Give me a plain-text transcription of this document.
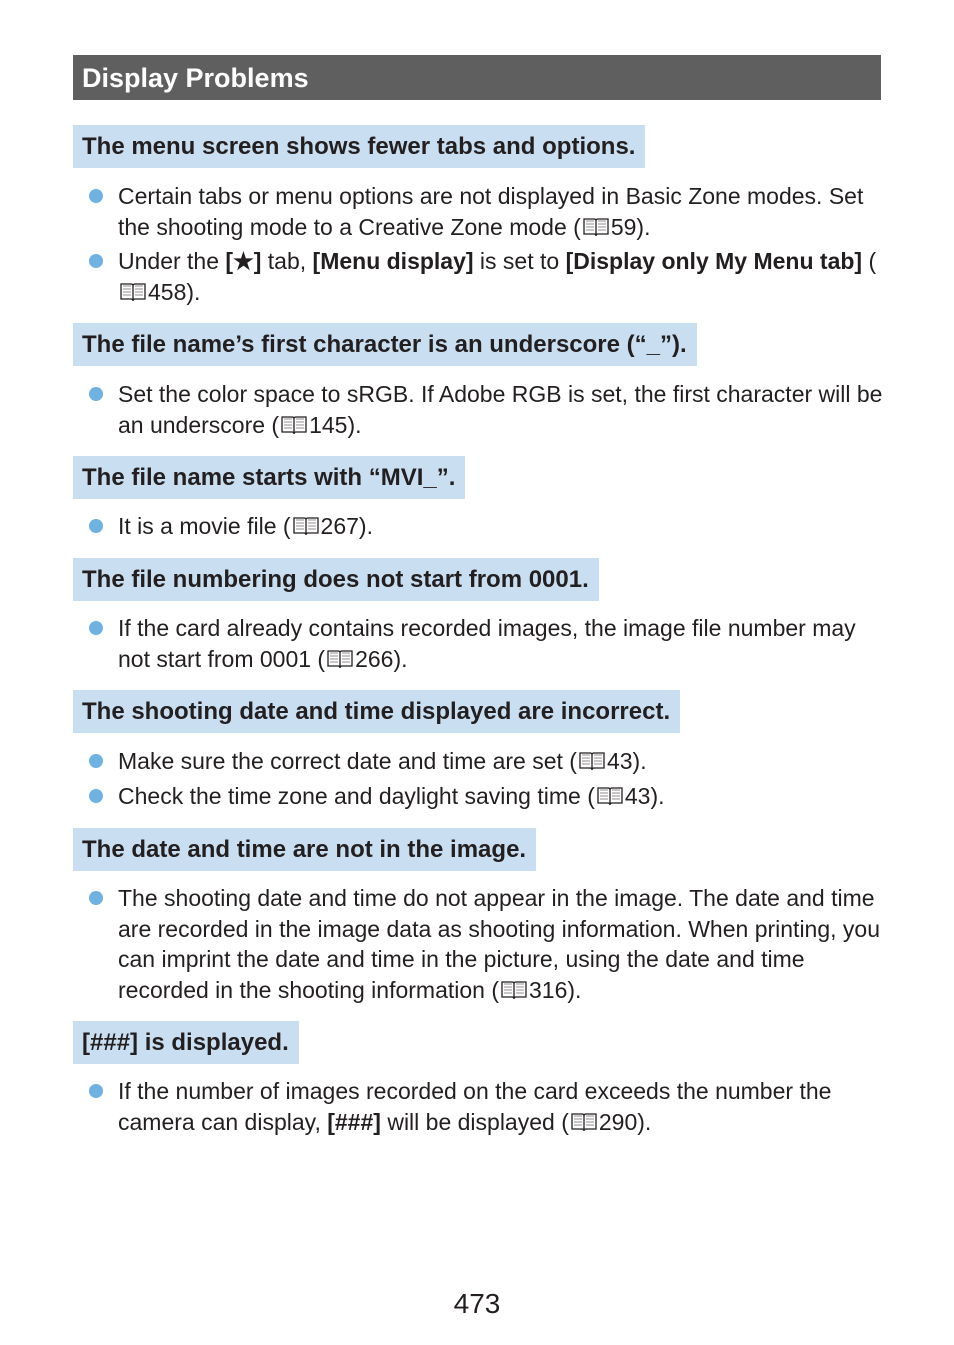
Display Problems
The menu screen shows fewer tabs and options.
Certain tabs or menu options are not displayed in Basic Zone modes. Set the shooting mode to a Creative Zone mode ( 59).
Under the [★] tab, [Menu display] is set to [Display only My Menu tab] (
458).
The file name’s first character is an underscore (“_”).
Set the color space to sRGB. If Adobe RGB is set, the first character will be an underscore ( 145).
The file name starts with “MVI_”.
It is a movie file ( 267).
The file numbering does not start from 0001.
If the card already contains recorded images, the image file number may not start from 0001 ( 266).
The shooting date and time displayed are incorrect.
Make sure the correct date and time are set ( 43).
Check the time zone and daylight saving time ( 43).
The date and time are not in the image.
The shooting date and time do not appear in the image. The date and time are recorded in the image data as shooting information. When printing, you can imprint the date and time in the picture, using the date and time recorded in the shooting information ( 316).
[###] is displayed.
If the number of images recorded on the card exceeds the number the camera can display, [###] will be displayed ( 290).
473
